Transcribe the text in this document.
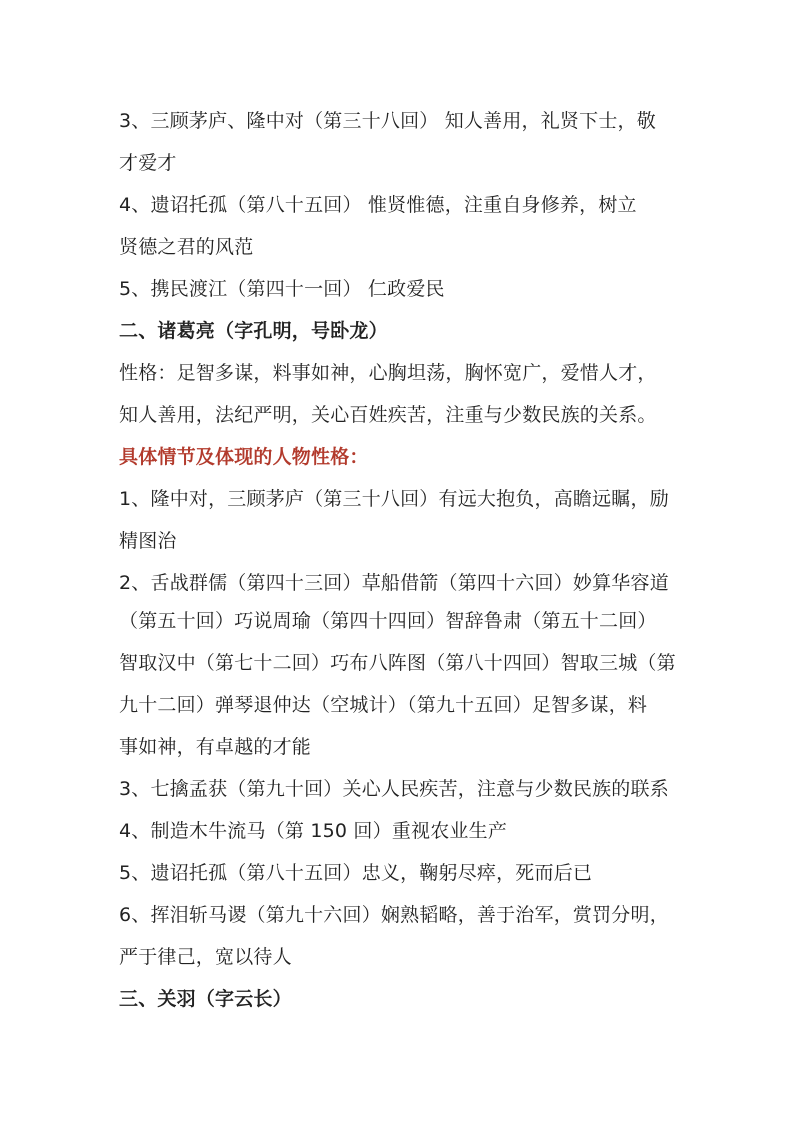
3、三顾茅庐、隆中对（第三十八回） 知人善用，礼贤下士，敬
才爱才
4、遗诏托孤（第八十五回） 惟贤惟德，注重自身修养，树立
贤德之君的风范
5、携民渡江（第四十一回） 仁政爱民
二、诸葛亮（字孔明，号卧龙）
性格：足智多谋，料事如神，心胸坦荡，胸怀宽广，爱惜人才，
知人善用，法纪严明，关心百姓疾苦，注重与少数民族的关系。
具体情节及体现的人物性格：
1、隆中对，三顾茅庐（第三十八回）有远大抱负，高瞻远瞩，励
精图治
2、舌战群儒（第四十三回）草船借箭（第四十六回）妙算华容道
（第五十回）巧说周瑜（第四十四回）智辞鲁肃（第五十二回）
智取汉中（第七十二回）巧布八阵图（第八十四回）智取三城（第
九十二回）弹琴退仲达（空城计）（第九十五回）足智多谋，料
事如神，有卓越的才能
3、七擒孟获（第九十回）关心人民疾苦，注意与少数民族的联系
4、制造木牛流马（第 150 回）重视农业生产
5、遗诏托孤（第八十五回）忠义，鞠躬尽瘁，死而后已
6、挥泪斩马谡（第九十六回）娴熟韬略，善于治军，赏罚分明，
严于律己，宽以待人
三、关羽（字云长）
